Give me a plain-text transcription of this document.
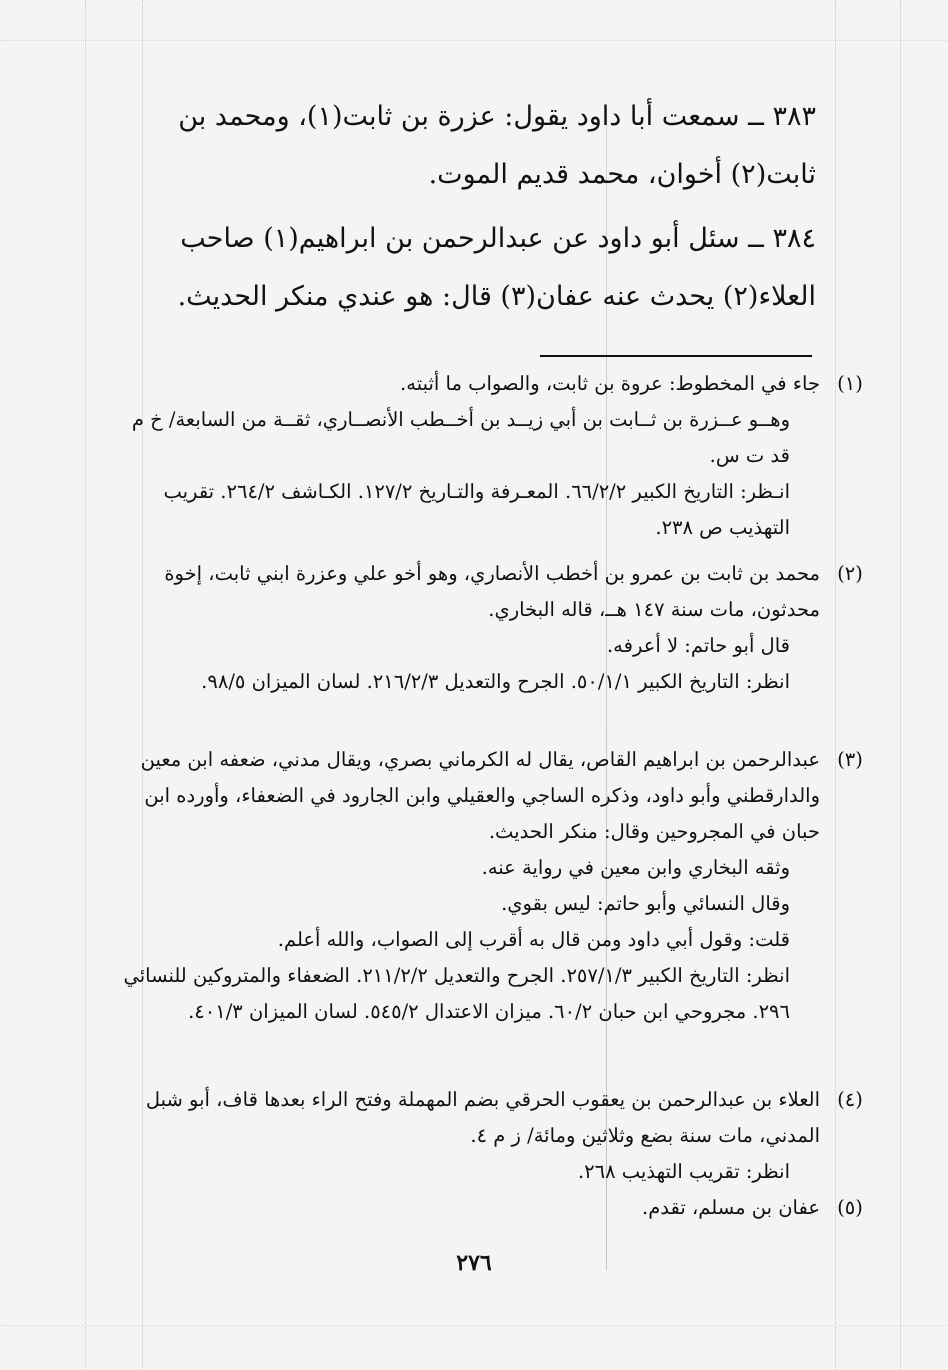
٣٨٣ ــ سمعت أبا داود يقول: عزرة بن ثابت(١)، ومحمد بن ثابت(٢) أخوان، محمد قديم الموت.

٣٨٤ ــ سئل أبو داود عن عبدالرحمن بن ابراهيم(١) صاحب العلاء(٢) يحدث عنه عفان(٣) قال: هو عندي منكر الحديث.

(١)

جاء في المخطوط: عروة بن ثابت، والصواب ما أثبته.

وهــو عــزرة بن ثــابت بن أبي زيــد بن أخــطب الأنصــاري، ثقــة من السابعة/ خ م قد ت س.

انـظر: التاريخ الكبير ٦٦/٢/٢. المعـرفة والتـاريخ ١٢٧/٢. الكـاشف ٢٦٤/٢. تقريب التهذيب ص ٢٣٨.

(٢)

محمد بن ثابت بن عمرو بن أخطب الأنصاري، وهو أخو علي وعزرة ابني ثابت، إخوة محدثون، مات سنة ١٤٧ هــ، قاله البخاري.

قال أبو حاتم: لا أعرفه.

انظر: التاريخ الكبير ٥٠/١/١. الجرح والتعديل ٢١٦/٢/٣. لسان الميزان ٩٨/٥.

(٣)

عبدالرحمن بن ابراهيم القاص، يقال له الكرماني بصري، ويقال مدني، ضعفه ابن معين والدارقطني وأبو داود، وذكره الساجي والعقيلي وابن الجارود في الضعفاء، وأورده ابن حبان في المجروحين وقال: منكر الحديث.

وثقه البخاري وابن معين في رواية عنه.

وقال النسائي وأبو حاتم: ليس بقوي.

قلت: وقول أبي داود ومن قال به أقرب إلى الصواب، والله أعلم.

انظر: التاريخ الكبير ٢٥٧/١/٣. الجرح والتعديل ٢١١/٢/٢. الضعفاء والمتروكين للنسائي ٢٩٦. مجروحي ابن حبان ٦٠/٢. ميزان الاعتدال ٥٤٥/٢. لسان الميزان ٤٠١/٣.

(٤)

العلاء بن عبدالرحمن بن يعقوب الحرقي بضم المهملة وفتح الراء بعدها قاف، أبو شبل المدني، مات سنة بضع وثلاثين ومائة/ ز م ٤.

انظر: تقريب التهذيب ٢٦٨.

(٥)

عفان بن مسلم، تقدم.

٢٧٦
